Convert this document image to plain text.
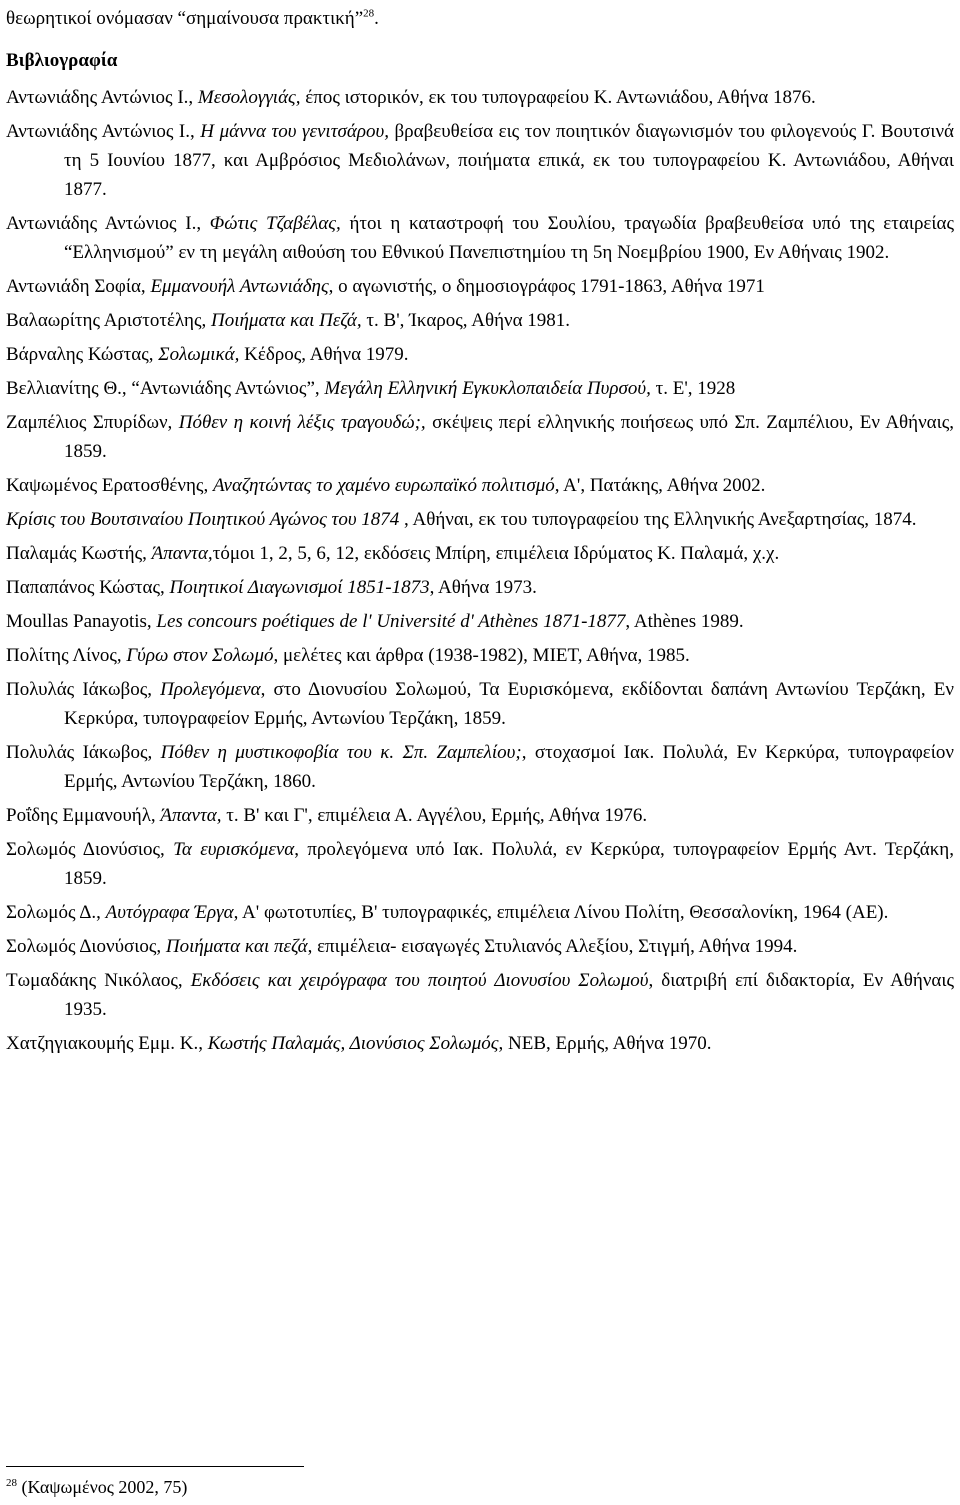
θεωρητικοί ονόμασαν “σημαίνουσα πρακτική”$^{28}$.
Βιβλιογραφία
Αντωνιάδης Αντώνιος Ι., Μεσολογγιάς, έπος ιστορικόν, εκ του τυπογραφείου Κ. Αντωνιάδου, Αθήνα 1876.
Αντωνιάδης Αντώνιος Ι., Η μάννα του γενιτσάρου, βραβευθείσα εις τον ποιητικόν διαγωνισμόν του φιλογενούς Γ. Βουτσινά τη 5 Ιουνίου 1877, και Αμβρόσιος Μεδιολάνων, ποιήματα επικά, εκ του τυπογραφείου Κ. Αντωνιάδου, Αθήναι 1877.
Αντωνιάδης Αντώνιος Ι., Φώτις Τζαβέλας, ήτοι η καταστροφή του Σουλίου, τραγωδία βραβευθείσα υπό της εταιρείας “Ελληνισμού” εν τη μεγάλη αιθούση του Εθνικού Πανεπιστημίου τη 5η Νοεμβρίου 1900, Εν Αθήναις 1902.
Αντωνιάδη Σοφία, Εμμανουήλ Αντωνιάδης, ο αγωνιστής, ο δημοσιογράφος 1791-1863, Αθήνα 1971
Βαλαωρίτης Αριστοτέλης, Ποιήματα και Πεζά, τ. Β', Ίκαρος, Αθήνα 1981.
Βάρναλης Κώστας, Σολωμικά, Κέδρος, Αθήνα 1979.
Βελλιανίτης Θ., “Αντωνιάδης Αντώνιος”, Μεγάλη Ελληνική Εγκυκλοπαιδεία Πυρσού, τ. Ε', 1928
Ζαμπέλιος Σπυρίδων, Πόθεν η κοινή λέξις τραγουδώ;, σκέψεις περί ελληνικής ποιήσεως υπό Σπ. Ζαμπέλιου, Εν Αθήναις, 1859.
Καψωμένος Ερατοσθένης, Αναζητώντας το χαμένο ευρωπαϊκό πολιτισμό, Α', Πατάκης, Αθήνα 2002.
Κρίσις του Βουτσιναίου Ποιητικού Αγώνος του 1874 , Αθήναι, εκ του τυπογραφείου της Ελληνικής Ανεξαρτησίας, 1874.
Παλαμάς Κωστής, Άπαντα,τόμοι 1, 2, 5, 6, 12, εκδόσεις Μπίρη, επιμέλεια Ιδρύματος Κ. Παλαμά, χ.χ.
Παπαπάνος Κώστας, Ποιητικοί Διαγωνισμοί 1851-1873, Αθήνα 1973.
Moullas Panayotis, Les concours poétiques de l' Université d' Athènes 1871-1877, Athènes 1989.
Πολίτης Λίνος, Γύρω στον Σολωμό, μελέτες και άρθρα (1938-1982), ΜΙΕΤ, Αθήνα, 1985.
Πολυλάς Ιάκωβος, Προλεγόμενα, στο Διονυσίου Σολωμού, Τα Ευρισκόμενα, εκδίδονται δαπάνη Αντωνίου Τερζάκη, Εν Κερκύρα, τυπογραφείον Ερμής, Αντωνίου Τερζάκη, 1859.
Πολυλάς Ιάκωβος, Πόθεν η μυστικοφοβία του κ. Σπ. Ζαμπελίου;, στοχασμοί Ιακ. Πολυλά, Εν Κερκύρα, τυπογραφείον Ερμής, Αντωνίου Τερζάκη, 1860.
Ροΐδης Εμμανουήλ, Άπαντα, τ. Β' και Γ', επιμέλεια Α. Αγγέλου, Ερμής, Αθήνα 1976.
Σολωμός Διονύσιος, Τα ευρισκόμενα, προλεγόμενα υπό Ιακ. Πολυλά, εν Κερκύρα, τυπογραφείον Ερμής Αντ. Τερζάκη, 1859.
Σολωμός Δ., Αυτόγραφα Έργα, Α' φωτοτυπίες, Β' τυπογραφικές, επιμέλεια Λίνου Πολίτη, Θεσσαλονίκη, 1964 (ΑΕ).
Σολωμός Διονύσιος, Ποιήματα και πεζά, επιμέλεια- εισαγωγές Στυλιανός Αλεξίου, Στιγμή, Αθήνα 1994.
Τωμαδάκης Νικόλαος, Εκδόσεις και χειρόγραφα του ποιητού Διονυσίου Σολωμού, διατριβή επί διδακτορία, Εν Αθήναις 1935.
Χατζηγιακουμής Εμμ. Κ., Κωστής Παλαμάς, Διονύσιος Σολωμός, ΝΕΒ, Ερμής, Αθήνα 1970.
$^{28}$ (Καψωμένος 2002, 75)
